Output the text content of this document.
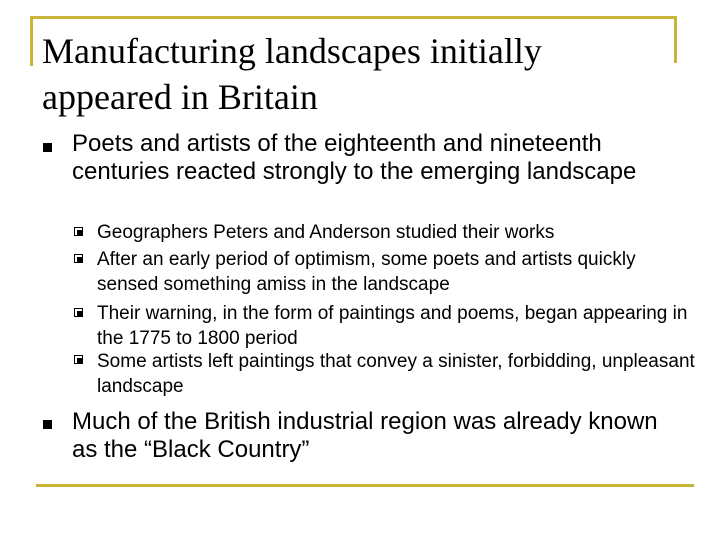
Manufacturing landscapes initially appeared in Britain
Poets and artists of the eighteenth and nineteenth centuries reacted strongly to the emerging landscape
Geographers Peters and Anderson studied their works
After an early period of optimism, some poets and artists quickly sensed something amiss in the landscape
Their warning, in the form of paintings and poems, began appearing in the 1775 to 1800 period
Some artists left paintings that convey a sinister, forbidding, unpleasant landscape
Much of the British industrial region was already known as the “Black Country”
